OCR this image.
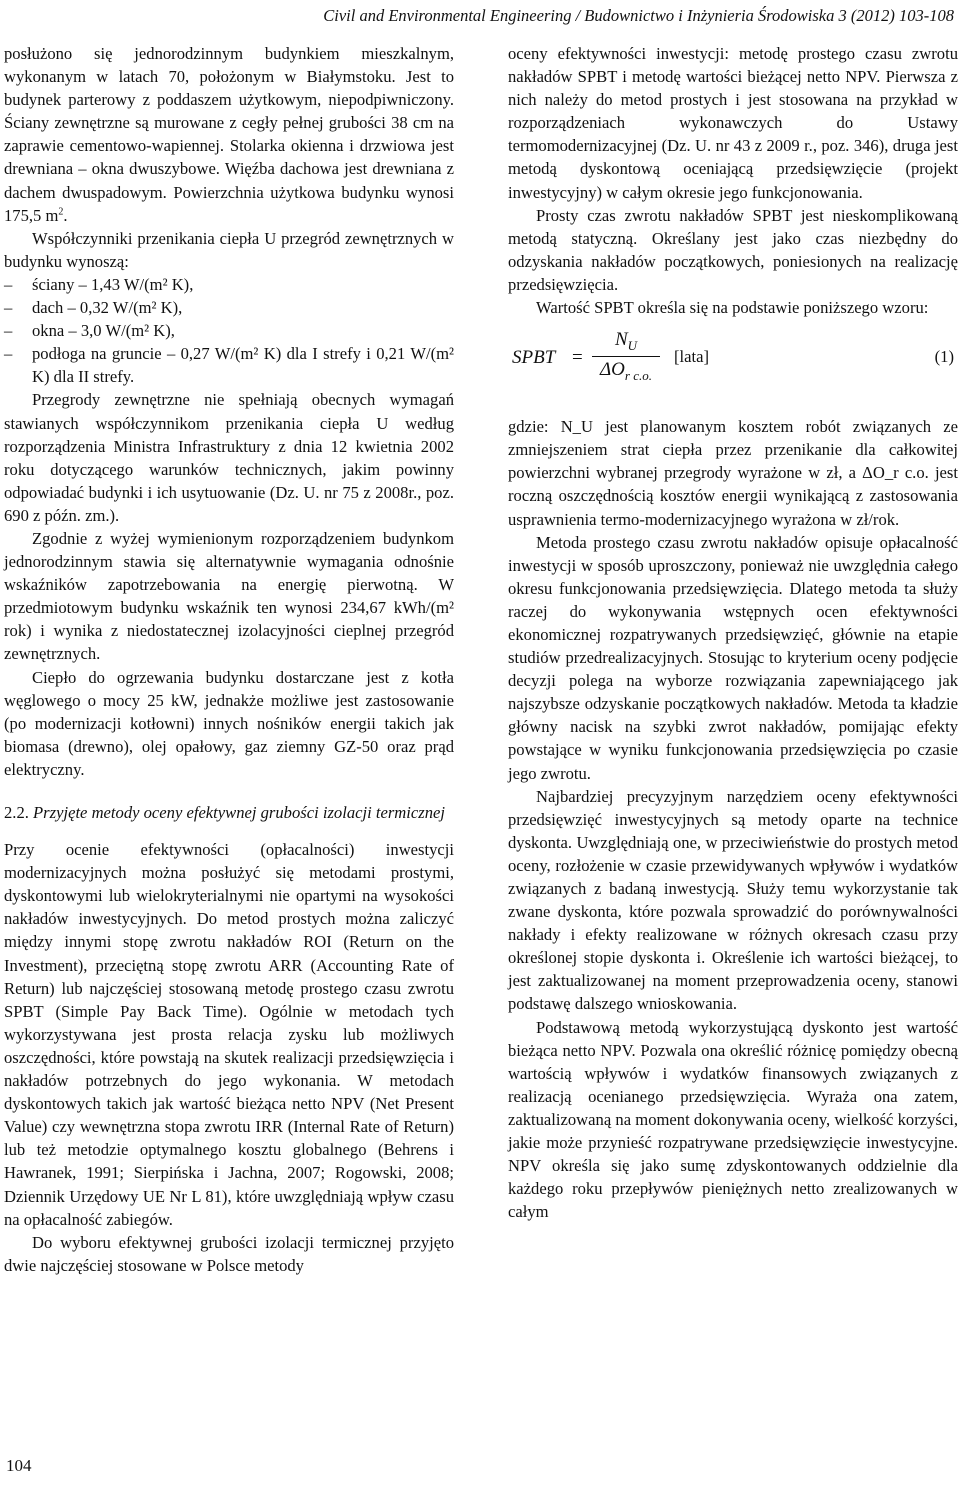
Civil and Environmental Engineering / Budownictwo i Inżynieria Środowiska 3 (2012) 103-108

posłużono się jednorodzinnym budynkiem mieszkalnym, wykonanym w latach 70, położonym w Białymstoku. Jest to budynek parterowy z poddaszem użytkowym, niepodpiwniczony. Ściany zewnętrzne są murowane z cegły pełnej grubości 38 cm na zaprawie cementowo-wapiennej. Stolarka okienna i drzwiowa jest drewniana – okna dwuszybowe. Więźba dachowa jest drewniana z dachem dwuspadowym. Powierzchnia użytkowa budynku wynosi 175,5 $m^2$.

Współczynniki przenikania ciepła U przegród zewnętrznych w budynku wynoszą:

– ściany – 1,43 W/(m² K),
– dach – 0,32 W/(m² K),
– okna – 3,0 W/(m² K),
– podłoga na gruncie – 0,27 W/(m² K) dla I strefy i 0,21 W/(m² K) dla II strefy.

Przegrody zewnętrzne nie spełniają obecnych wymagań stawianych współczynnikom przenikania ciepła U według rozporządzenia Ministra Infrastruktury z dnia 12 kwietnia 2002 roku dotyczącego warunków technicznych, jakim powinny odpowiadać budynki i ich usytuowanie (Dz. U. nr 75 z 2008r., poz. 690 z późn. zm.).

Zgodnie z wyżej wymienionym rozporządzeniem budynkom jednorodzinnym stawia się alternatywnie wymagania odnośnie wskaźników zapotrzebowania na energię pierwotną. W przedmiotowym budynku wskaźnik ten wynosi 234,67 kWh/(m² rok) i wynika z niedostatecznej izolacyjności cieplnej przegród zewnętrznych.

Ciepło do ogrzewania budynku dostarczane jest z kotła węglowego o mocy 25 kW, jednakże możliwe jest zastosowanie (po modernizacji kotłowni) innych nośników energii takich jak biomasa (drewno), olej opałowy, gaz ziemny GZ-50 oraz prąd elektryczny.

2.2. Przyjęte metody oceny efektywnej grubości izolacji termicznej

Przy ocenie efektywności (opłacalności) inwestycji modernizacyjnych można posłużyć się metodami prostymi, dyskontowymi lub wielokryterialnymi nie opartymi na wysokości nakładów inwestycyjnych. Do metod prostych można zaliczyć między innymi stopę zwrotu nakładów ROI (Return on the Investment), przeciętną stopę zwrotu ARR (Accounting Rate of Return) lub najczęściej stosowaną metodę prostego czasu zwrotu SPBT (Simple Pay Back Time). Ogólnie w metodach tych wykorzystywana jest prosta relacja zysku lub możliwych oszczędności, które powstają na skutek realizacji przedsięwzięcia i nakładów potrzebnych do jego wykonania. W metodach dyskontowych takich jak wartość bieżąca netto NPV (Net Present Value) czy wewnętrzna stopa zwrotu IRR (Internal Rate of Return) lub też metodzie optymalnego kosztu globalnego (Behrens i Hawranek, 1991; Sierpińska i Jachna, 2007; Rogowski, 2008; Dziennik Urzędowy UE Nr L 81), które uwzględniają wpływ czasu na opłacalność zabiegów.

Do wyboru efektywnej grubości izolacji termicznej przyjęto dwie najczęściej stosowane w Polsce metody

oceny efektywności inwestycji: metodę prostego czasu zwrotu nakładów SPBT i metodę wartości bieżącej netto NPV. Pierwsza z nich należy do metod prostych i jest stosowana na przykład w rozporządzeniach wykonawczych do Ustawy termomodernizacyjnej (Dz. U. nr 43 z 2009 r., poz. 346), druga jest metodą dyskontową oceniającą przedsięwzięcie (projekt inwestycyjny) w całym okresie jego funkcjonowania.

Prosty czas zwrotu nakładów SPBT jest nieskomplikowaną metodą statyczną. Określany jest jako czas niezbędny do odzyskania nakładów początkowych, poniesionych na realizację przedsięwzięcia.

Wartość SPBT określa się na podstawie poniższego wzoru:

SPBT =
$N_U$
$\Delta O_{r c.o.}$
[lata]	(1)

gdzie: N_U jest planowanym kosztem robót związanych ze zmniejszeniem strat ciepła przez przenikanie dla całkowitej powierzchni wybranej przegrody wyrażone w zł, a ΔO_r c.o. jest roczną oszczędnością kosztów energii wynikającą z zastosowania usprawnienia termo-modernizacyjnego wyrażona w zł/rok.

Metoda prostego czasu zwrotu nakładów opisuje opłacalność inwestycji w sposób uproszczony, ponieważ nie uwzględnia całego okresu funkcjonowania przedsięwzięcia. Dlatego metoda ta służy raczej do wykonywania wstępnych ocen efektywności ekonomicznej rozpatrywanych przedsięwzięć, głównie na etapie studiów przedrealizacyjnych. Stosując to kryterium oceny podjęcie decyzji polega na wyborze rozwiązania zapewniającego jak najszybsze odzyskanie początkowych nakładów. Metoda ta kładzie główny nacisk na szybki zwrot nakładów, pomijając efekty powstające w wyniku funkcjonowania przedsięwzięcia po czasie jego zwrotu.

Najbardziej precyzyjnym narzędziem oceny efektywności przedsięwzięć inwestycyjnych są metody oparte na technice dyskonta. Uwzględniają one, w przeciwieństwie do prostych metod oceny, rozłożenie w czasie przewidywanych wpływów i wydatków związanych z badaną inwestycją. Służy temu wykorzystanie tak zwane dyskonta, które pozwala sprowadzić do porównywalności nakłady i efekty realizowane w różnych okresach czasu przy określonej stopie dyskonta i. Określenie ich wartości bieżącej, to jest zaktualizowanej na moment przeprowadzenia oceny, stanowi podstawę dalszego wnioskowania.

Podstawową metodą wykorzystującą dyskonto jest wartość bieżąca netto NPV. Pozwala ona określić różnicę pomiędzy obecną wartością wpływów i wydatków finansowych związanych z realizacją ocenianego przedsięwzięcia. Wyraża ona zatem, zaktualizowaną na moment dokonywania oceny, wielkość korzyści, jakie może przynieść rozpatrywane przedsięwzięcie inwestycyjne. NPV określa się jako sumę zdyskontowanych oddzielnie dla każdego roku przepływów pieniężnych netto zrealizowanych w całym

104
